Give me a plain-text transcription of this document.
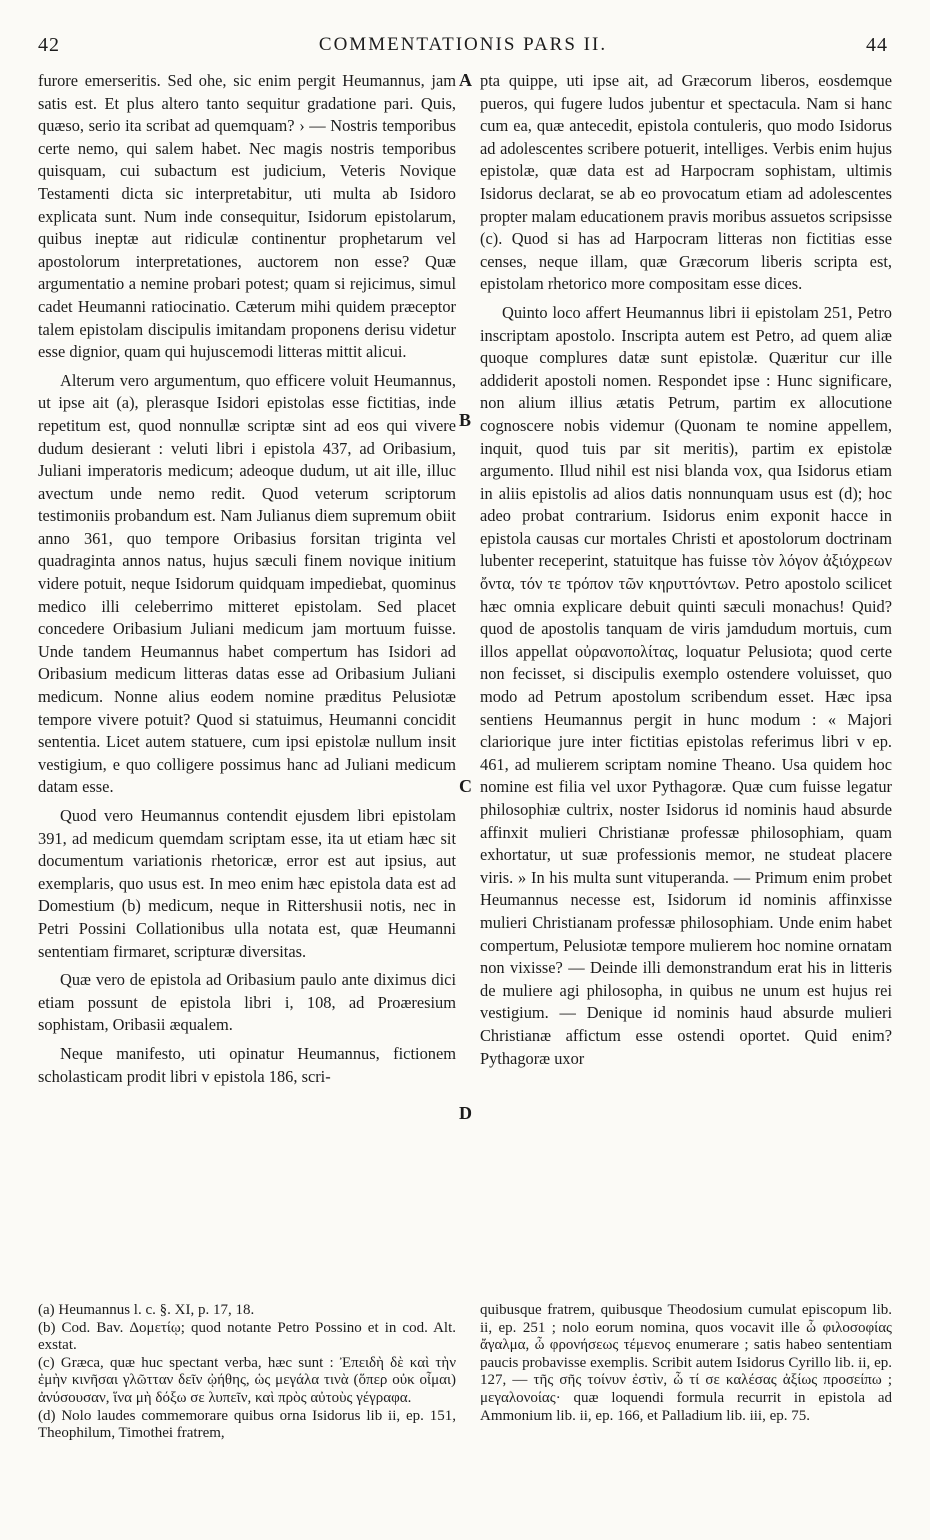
42	COMMENTATIONIS PARS II.	44

furore emerseritis. Sed ohe, sic enim pergit Heumannus, jam satis est. Et plus altero tanto sequitur gradatione pari. Quis, quæso, serio ita scribat ad quemquam? › — Nostris temporibus certe nemo, qui salem habet. Nec magis nostris temporibus quisquam, cui subactum est judicium, Veteris Novique Testamenti dicta sic interpretabitur, uti multa ab Isidoro explicata sunt. Num inde consequitur, Isidorum epistolarum, quibus ineptæ aut ridiculæ continentur prophetarum vel apostolorum interpretationes, auctorem non esse? Quæ argumentatio a nemine probari potest; quam si rejicimus, simul cadet Heumanni ratiocinatio. Cæterum mihi quidem præceptor talem epistolam discipulis imitandam proponens derisu videtur esse dignior, quam qui hujuscemodi litteras mittit alicui.

Alterum vero argumentum, quo efficere voluit Heumannus, ut ipse ait (a), plerasque Isidori epistolas esse fictitias, inde repetitum est, quod nonnullæ scriptæ sint ad eos qui vivere dudum desierant : veluti libri i epistola 437, ad Oribasium, Juliani imperatoris medicum; adeoque dudum, ut ait ille, illuc avectum unde nemo redit. Quod veterum scriptorum testimoniis probandum est. Nam Julianus diem supremum obiit anno 361, quo tempore Oribasius forsitan triginta vel quadraginta annos natus, hujus sæculi finem novique initium videre potuit, neque Isidorum quidquam impediebat, quominus medico illi celeberrimo mitteret epistolam. Sed placet concedere Oribasium Juliani medicum jam mortuum fuisse. Unde tandem Heumannus habet compertum has Isidori ad Oribasium medicum litteras datas esse ad Oribasium Juliani medicum. Nonne alius eodem nomine præditus Pelusiotæ tempore vivere potuit? Quod si statuimus, Heumanni concidit sententia. Licet autem statuere, cum ipsi epistolæ nullum insit vestigium, e quo colligere possimus hanc ad Juliani medicum datam esse.

Quod vero Heumannus contendit ejusdem libri epistolam 391, ad medicum quemdam scriptam esse, ita ut etiam hæc sit documentum variationis rhetoricæ, error est aut ipsius, aut exemplaris, quo usus est. In meo enim hæc epistola data est ad Domestium (b) medicum, neque in Rittershusii notis, nec in Petri Possini Collationibus ulla notata est, quæ Heumanni sententiam firmaret, scripturæ diversitas.

Quæ vero de epistola ad Oribasium paulo ante diximus dici etiam possunt de epistola libri i, 108, ad Proæresium sophistam, Oribasii æqualem.

Neque manifesto, uti opinatur Heumannus, fictionem scholasticam prodit libri v epistola 186, scri-

A
B
C
D

pta quippe, uti ipse ait, ad Græcorum liberos, eosdemque pueros, qui fugere ludos jubentur et spectacula. Nam si hanc cum ea, quæ antecedit, epistola contuleris, quo modo Isidorus ad adolescentes scribere potuerit, intelliges. Verbis enim hujus epistolæ, quæ data est ad Harpocram sophistam, ultimis Isidorus declarat, se ab eo provocatum etiam ad adolescentes propter malam educationem pravis moribus assuetos scripsisse (c). Quod si has ad Harpocram litteras non fictitias esse censes, neque illam, quæ Græcorum liberis scripta est, epistolam rhetorico more compositam esse dices.

Quinto loco affert Heumannus libri ii epistolam 251, Petro inscriptam apostolo. Inscripta autem est Petro, ad quem aliæ quoque complures datæ sunt epistolæ. Quæritur cur ille addiderit apostoli nomen. Respondet ipse : Hunc significare, non alium illius ætatis Petrum, partim ex allocutione cognoscere nobis videmur (Quonam te nomine appellem, inquit, quod tuis par sit meritis), partim ex epistolæ argumento. Illud nihil est nisi blanda vox, qua Isidorus etiam in aliis epistolis ad alios datis nonnunquam usus est (d); hoc adeo probat contrarium. Isidorus enim exponit hacce in epistola causas cur mortales Christi et apostolorum doctrinam lubenter receperint, statuitque has fuisse τὸν λόγον ἀξιόχρεων ὄντα, τόν τε τρόπον τῶν κηρυττόντων. Petro apostolo scilicet hæc omnia explicare debuit quinti sæculi monachus! Quid? quod de apostolis tanquam de viris jamdudum mortuis, cum illos appellat οὐρανοπολίτας, loquatur Pelusiota; quod certe non fecisset, si discipulis exemplo ostendere voluisset, quo modo ad Petrum apostolum scribendum esset. Hæc ipsa sentiens Heumannus pergit in hunc modum : « Majori clariorique jure inter fictitias epistolas referimus libri v ep. 461, ad mulierem scriptam nomine Theano. Usa quidem hoc nomine est filia vel uxor Pythagoræ. Quæ cum fuisse legatur philosophiæ cultrix, noster Isidorus id nominis haud absurde affinxit mulieri Christianæ professæ philosophiam, quam exhortatur, ut suæ professionis memor, ne studeat placere viris. » In his multa sunt vituperanda. — Primum enim probet Heumannus necesse est, Isidorum id nominis affinxisse mulieri Christianam professæ philosophiam. Unde enim habet compertum, Pelusiotæ tempore mulierem hoc nomine ornatam non vixisse? — Deinde illi demonstrandum erat his in litteris de muliere agi philosopha, in quibus ne unum est hujus rei vestigium. — Denique id nominis haud absurde mulieri Christianæ affictum esse ostendi oportet. Quid enim? Pythagoræ uxor

(a) Heumannus l. c. §. XI, p. 17, 18.

(b) Cod. Bav. Δομετίῳ; quod notante Petro Possino et in cod. Alt. exstat.

(c) Græca, quæ huc spectant verba, hæc sunt : Ἐπειδὴ δὲ καὶ τὴν ἐμὴν κινῆσαι γλῶτταν δεῖν ᾠήθης, ὡς μεγάλα τινὰ (ὅπερ οὐκ οἶμαι) ἀνύσουσαν, ἵνα μὴ δόξω σε λυπεῖν, καὶ πρὸς αὐτοὺς γέγραφα.

(d) Nolo laudes commemorare quibus orna Isidorus lib ii, ep. 151, Theophilum, Timothei fratrem,

quibusque fratrem, quibusque Theodosium cumulat episcopum lib. ii, ep. 251 ; nolo eorum nomina, quos vocavit ille ὦ φιλοσοφίας ἄγαλμα, ὦ φρονήσεως τέμενος enumerare ; satis habeo sententiam paucis probavisse exemplis. Scribit autem Isidorus Cyrillo lib. ii, ep. 127, — τῆς σῆς τοίνυν ἐστὶν, ὦ τί σε καλέσας ἀξίως προσείπω ; μεγαλονοίας· quæ loquendi formula recurrit in epistola ad Ammonium lib. ii, ep. 166, et Palladium lib. iii, ep. 75.
